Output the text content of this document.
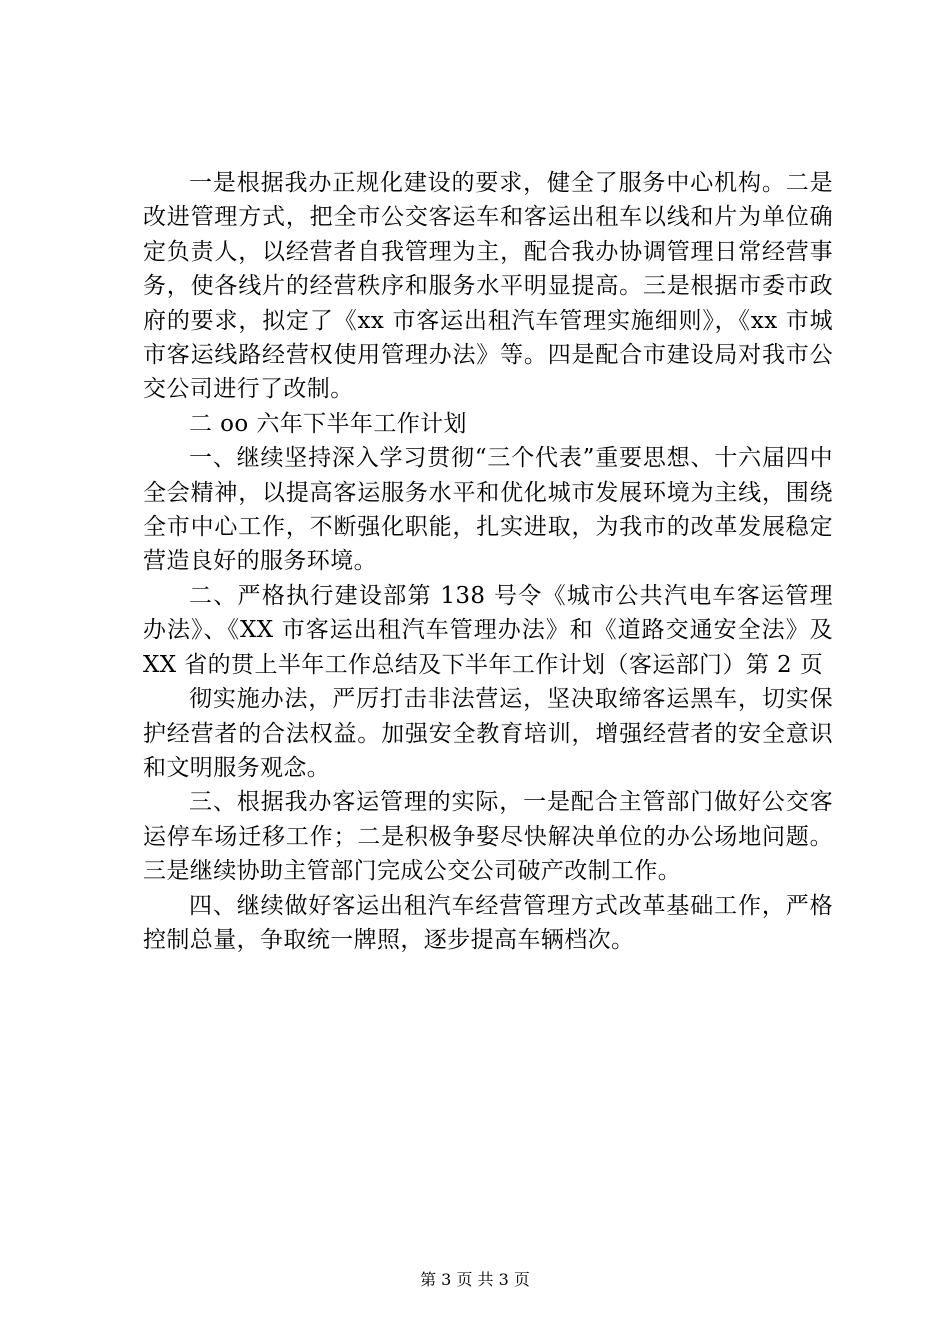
一是根据我办正规化建设的要求，健全了服务中心机构。二是改进管理方式，把全市公交客运车和客运出租车以线和片为单位确定负责人，以经营者自我管理为主，配合我办协调管理日常经营事务，使各线片的经营秩序和服务水平明显提高。三是根据市委市政府的要求，拟定了《xx 市客运出租汽车管理实施细则》，《xx 市城市客运线路经营权使用管理办法》等。四是配合市建设局对我市公交公司进行了改制。

二 oo 六年下半年工作计划

一、继续坚持深入学习贯彻“三个代表”重要思想、十六届四中全会精神，以提高客运服务水平和优化城市发展环境为主线，围绕全市中心工作，不断强化职能，扎实进取，为我市的改革发展稳定营造良好的服务环境。

二、严格执行建设部第 138 号令《城市公共汽电车客运管理办法》、《XX 市客运出租汽车管理办法》和《道路交通安全法》及 XX 省的贯上半年工作总结及下半年工作计划（客运部门）第 2 页

彻实施办法，严厉打击非法营运，坚决取缔客运黑车，切实保护经营者的合法权益。加强安全教育培训，增强经营者的安全意识和文明服务观念。

三、根据我办客运管理的实际，一是配合主管部门做好公交客运停车场迁移工作；二是积极争娶尽快解决单位的办公场地问题。三是继续协助主管部门完成公交公司破产改制工作。

四、继续做好客运出租汽车经营管理方式改革基础工作，严格控制总量，争取统一牌照，逐步提高车辆档次。

第 3 页 共 3 页
